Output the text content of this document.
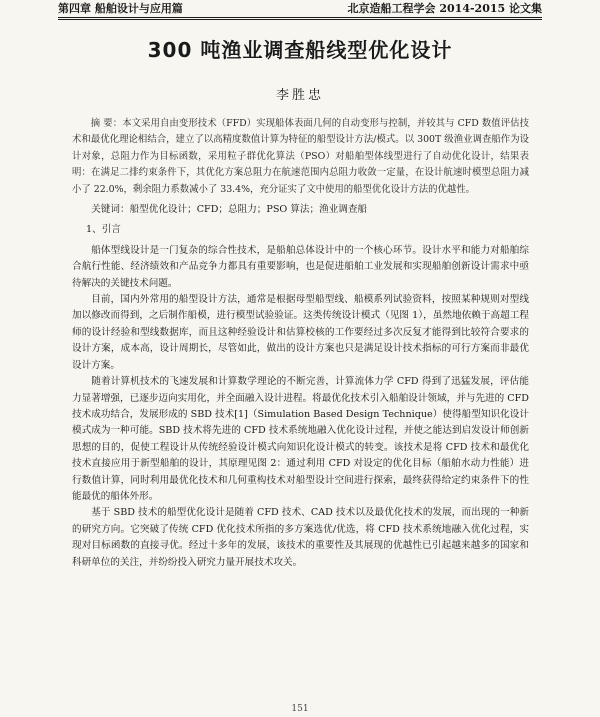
第四章 船舶设计与应用篇	北京造船工程学会 2014-2015 论文集
300 吨渔业调查船线型优化设计
李胜忠

摘 要：本文采用自由变形技术（FFD）实现船体表面几何的自动变形与控制，并较其与 CFD 数值评估技术和最优化理论相结合，建立了以高精度数值计算为特征的船型设计方法/模式。以 300T 级渔业调查船作为设计对象，总阻力作为目标函数，采用粒子群优化算法（PSO）对船舶型体线型进行了自动优化设计，结果表明：在满足二排约束条件下，其优化方案总阻力在航速范围内总阻力收敛一定量，在设计航速时模型总阻力减小了 22.0%，剩余阻力系数减小了 33.4%，充分证实了文中使用的船型优化设计方法的优越性。

关键词：船型优化设计；CFD；总阻力；PSO 算法；渔业调查船

1、引言

船体型线设计是一门复杂的综合性技术，是船舶总体设计中的一个核心环节。设计水平和能力对船舶综合航行性能、经济绩效和产品竞争力都具有重要影响，也是促进船舶工业发展和实现船舶创新设计需求中亟待解决的关键技术问题。

目前，国内外常用的船型设计方法，通常是根据母型船型线、船模系列试验资料，按照某种规则对型线加以修改而得到，之后制作船模，进行模型试验验证。这类传统设计模式（见图 1），虽然地依赖于高超工程师的设计经验和型线数据库，而且这种经验设计和估算校核的工作要经过多次反复才能得到比较符合要求的设计方案，成本高，设计周期长，尽管如此，做出的设计方案也只是满足设计技术指标的可行方案而非最优设计方案。

随着计算机技术的飞速发展和计算数学理论的不断完善，计算流体力学 CFD 得到了迅猛发展，评估能力显著增强，已逐步迈向实用化，并全面融入设计进程。将最优化技术引入船舶设计领域，并与先进的 CFD 技术成功结合，发展形成的 SBD 技术[1]（Simulation Based Design Technique）使得船型知识化设计模式成为一种可能。SBD 技术将先进的 CFD 技术系统地融入优化设计过程，并使之能达到启发设计师创新思想的目的，促使工程设计从传统经验设计模式向知识化设计模式的转变。该技术是将 CFD 技术和最优化技术直接应用于新型船舶的设计，其原理见图 2：通过利用 CFD 对设定的优化目标（船舶水动力性能）进行数值计算，同时利用最优化技术和几何重构技术对船型设计空间进行探索，最终获得给定约束条件下的性能最优的船体外形。

基于 SBD 技术的船型优化设计是随着 CFD 技术、CAD 技术以及最优化技术的发展，而出现的一种新的研究方向。它突破了传统 CFD 优化技术所指的多方案选优/优选，将 CFD 技术系统地融入优化过程，实现对目标函数的直接寻优。经过十多年的发展，该技术的重要性及其展现的优越性已引起越来越多的国家和科研单位的关注，并纷纷投入研究力量开展技术攻关。

151
